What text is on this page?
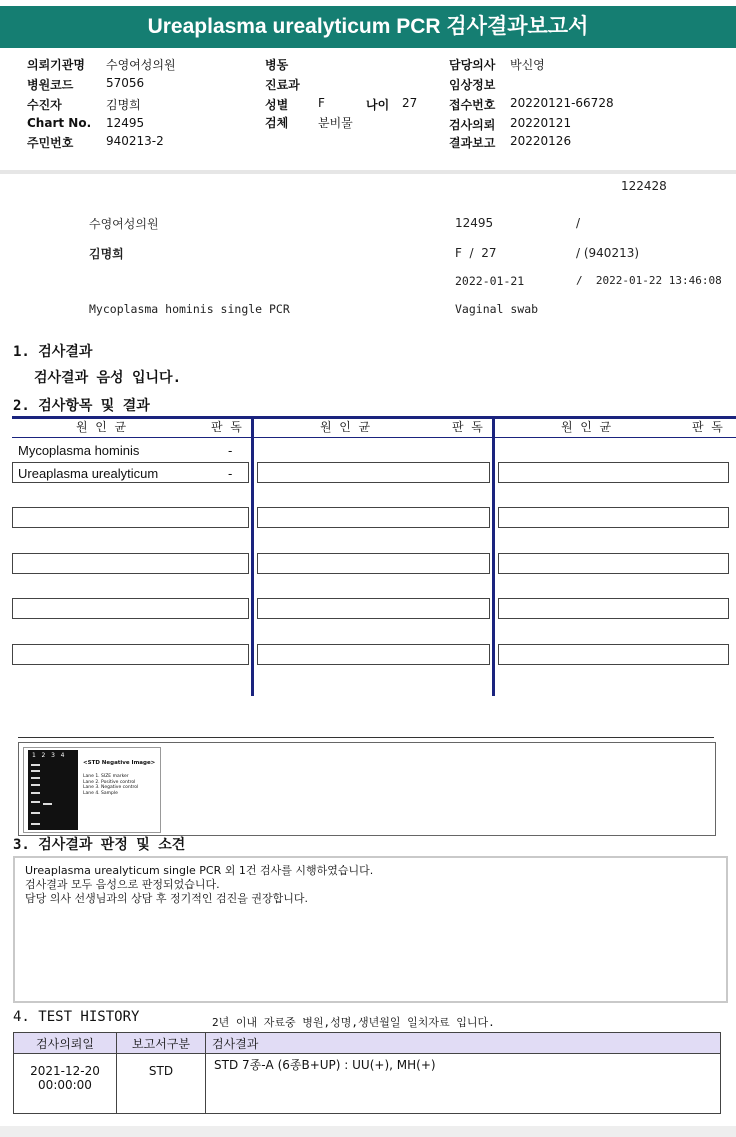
Ureaplasma urealyticum PCR 검사결과보고서
의뢰기관명 수영여성의원
병원코드	57056
수진자	김명희
Chart No. 12495
주민번호	940213-2
병동
진료과
성별 F	나이 27
검체 분비물
담당의사 박신영
임상정보
접수번호 20220121-66728
검사의뢰 20220121
결과보고 20220126
122428
수영여성의원	12495	/
김명희	F  /  27	/ (940213)
2022-01-21	/  2022-01-22 13:46:08
Mycoplasma hominis single PCR	Vaginal swab
1. 검사결과
검사결과 음성 입니다.
2. 검사항목 및 결과
원  인  균	판  독	원  인  균	판  독	원  인  균	판  독
Mycoplasma hominis	-
Ureaplasma urealyticum	-
1   2   3   4
<STD Negative Image>
Lane 1. SIZE marker
Lane 2. Positive control
Lane 3. Negative control
Lane 4. Sample
3. 검사결과 판정 및 소견
Ureaplasma urealyticum single PCR 외 1건 검사를 시행하였습니다.
검사결과 모두 음성으로 판정되었습니다.
담당 의사 선생님과의 상담 후 정기적인 검진을 권장합니다.
4. TEST HISTORY	2년 이내 자료중 병원,성명,생년월일 일치자료 입니다.
검사의뢰일	보고서구분	검사결과
2021-12-20
00:00:00	STD	STD 7종-A (6종B+UP) : UU(+), MH(+)
